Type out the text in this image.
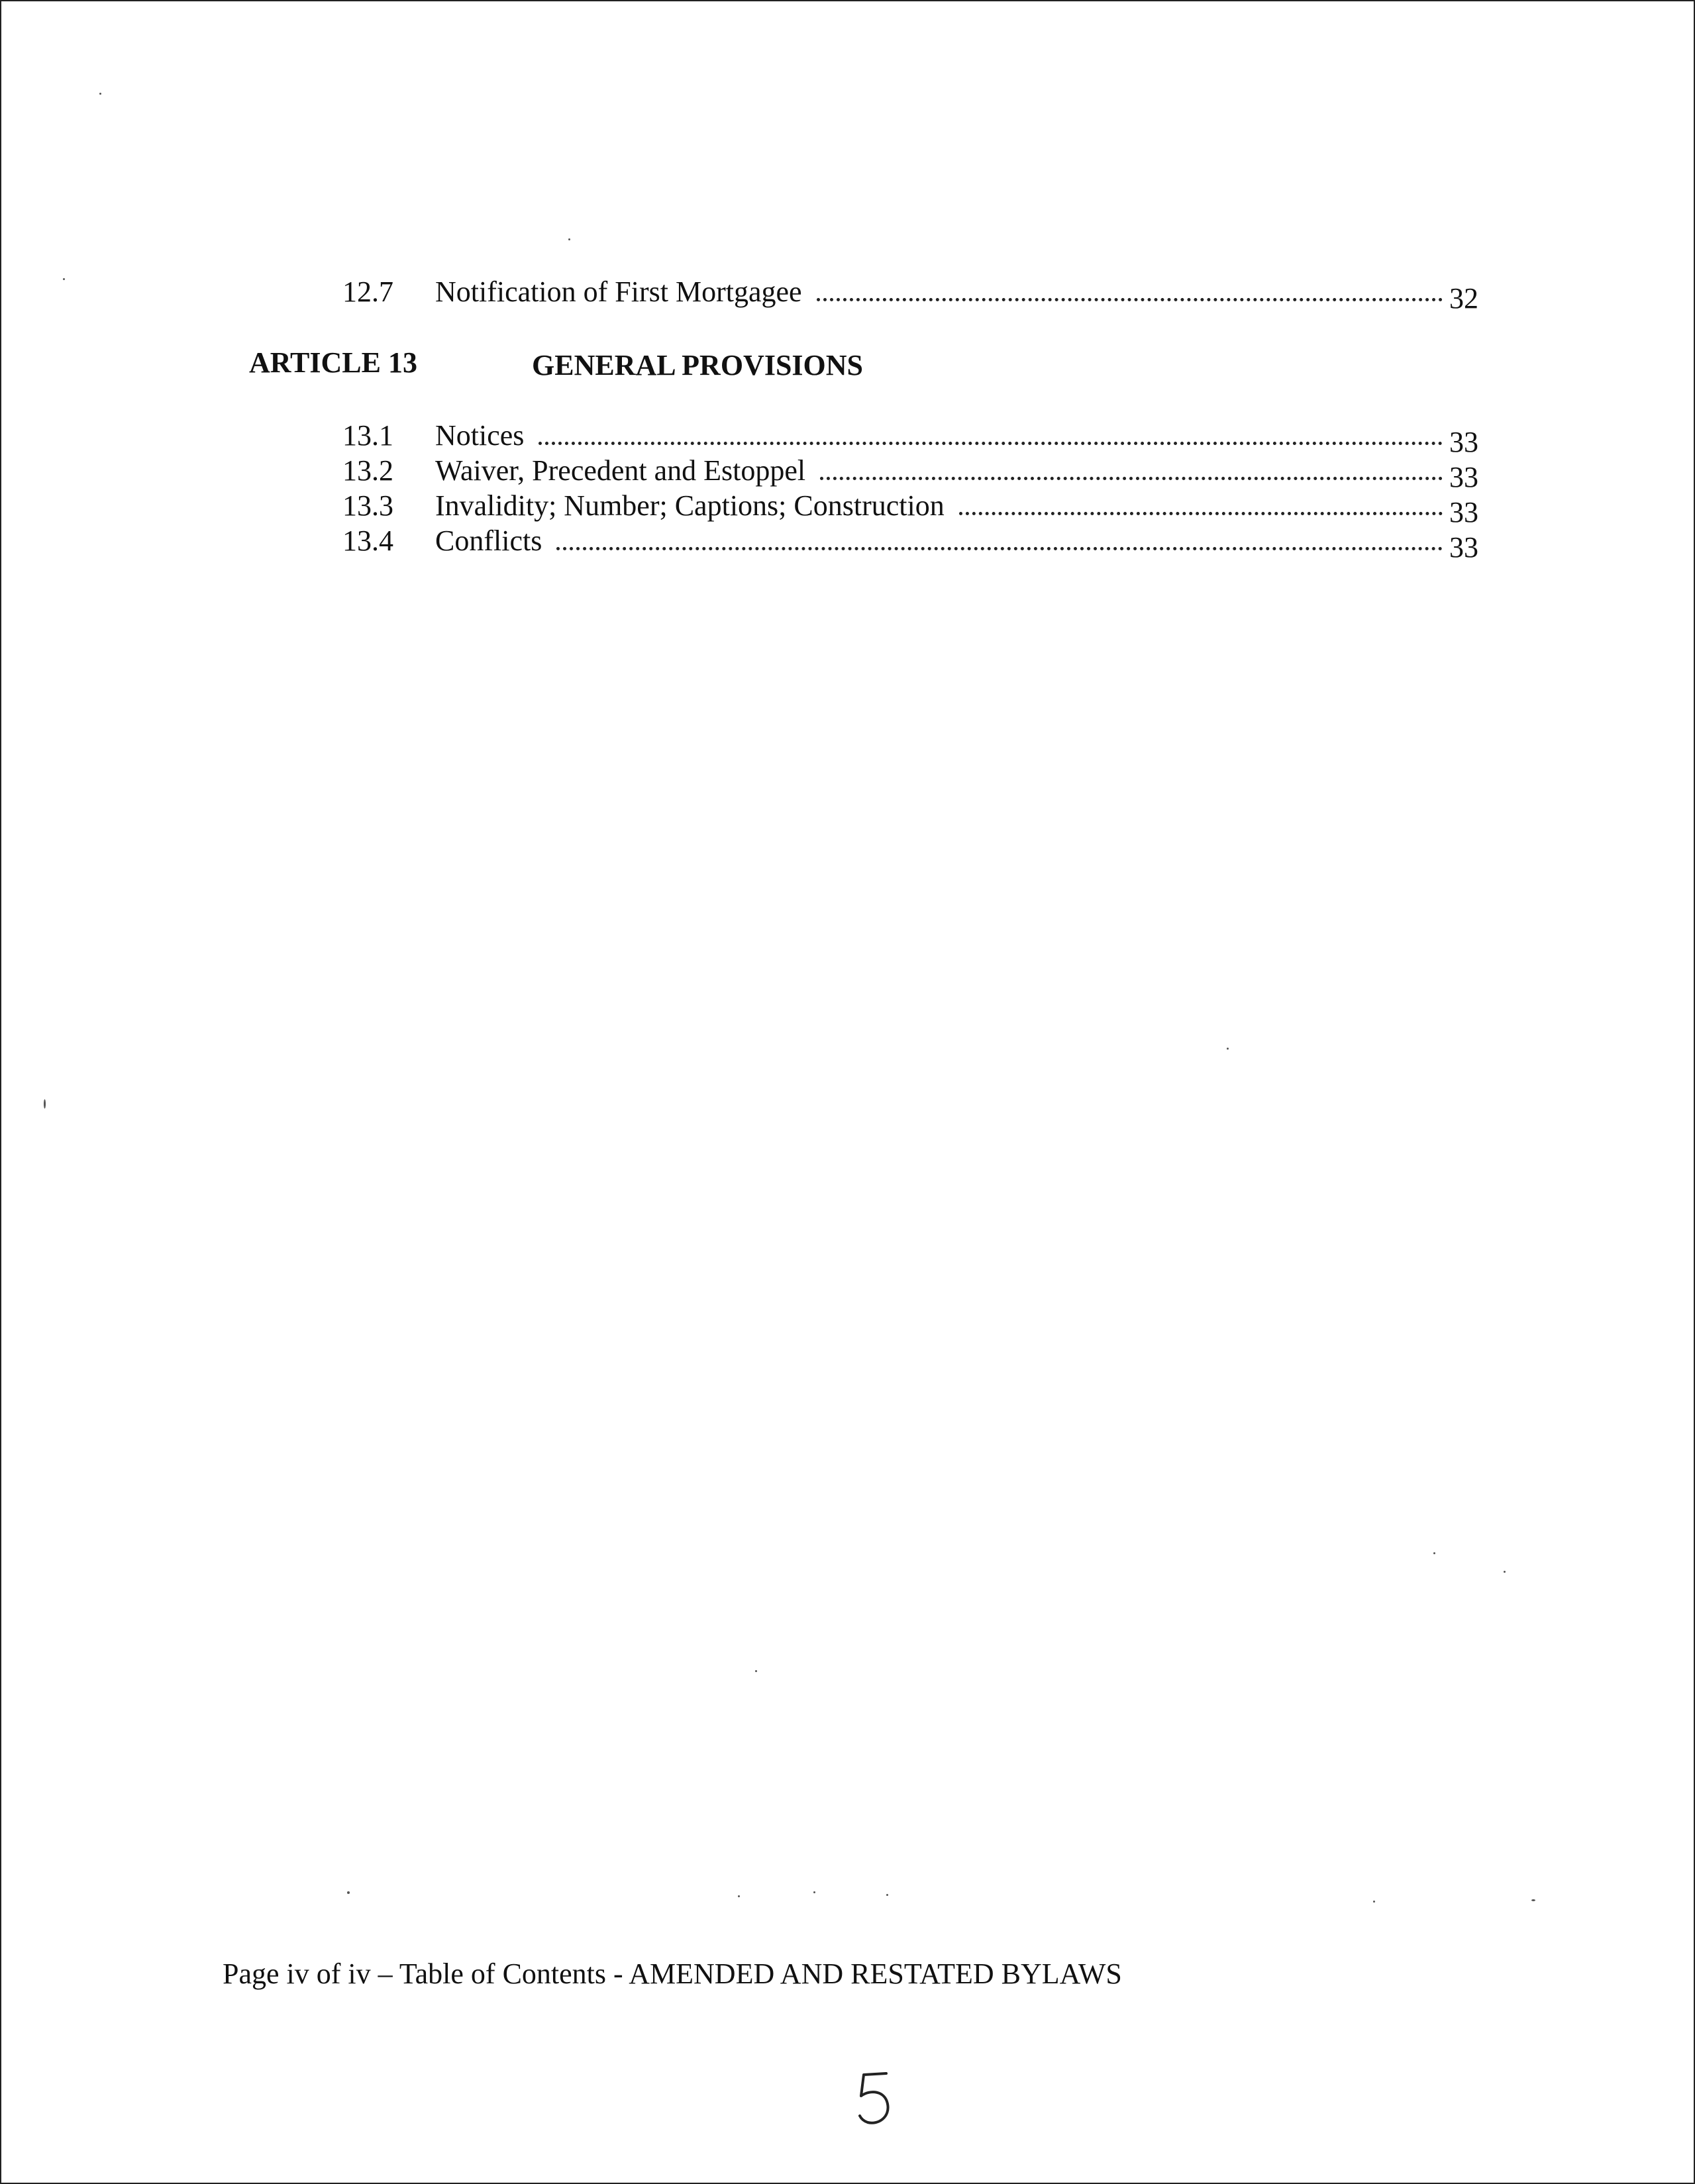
12.7	Notification of First Mortgagee	32
ARTICLE 13	GENERAL PROVISIONS
13.1	Notices	33
13.2	Waiver, Precedent and Estoppel	33
13.3	Invalidity; Number; Captions; Construction	33
13.4	Conflicts	33
Page iv of iv – Table of Contents - AMENDED AND RESTATED BYLAWS
